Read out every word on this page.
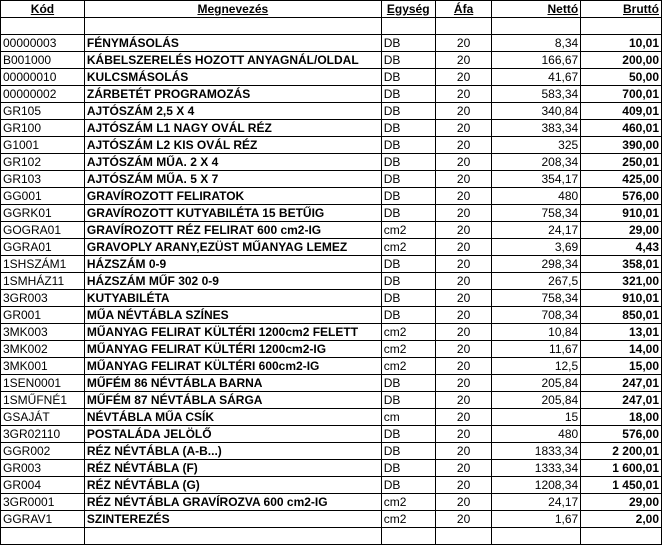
Kód	Megnevezés	Egység	Áfa	Nettó	Bruttó

00000003	FÉNYMÁSOLÁS	DB	20	8,34	10,01
B001000	KÁBELSZERELÉS HOZOTT ANYAGNÁL/OLDAL	DB	20	166,67	200,00
00000010	KULCSMÁSOLÁS	DB	20	41,67	50,00
00000002	ZÁRBETÉT PROGRAMOZÁS	DB	20	583,34	700,01
GR105	AJTÓSZÁM 2,5 X 4	DB	20	340,84	409,01
GR100	AJTÓSZÁM L1 NAGY OVÁL RÉZ	DB	20	383,34	460,01
G1001	AJTÓSZÁM L2 KIS OVÁL RÉZ	DB	20	325	390,00
GR102	AJTÓSZÁM MŰA. 2 X 4	DB	20	208,34	250,01
GR103	AJTÓSZÁM MŰA. 5 X 7	DB	20	354,17	425,00
GG001	GRAVÍROZOTT FELIRATOK	DB	20	480	576,00
GGRK01	GRAVÍROZOTT KUTYABILÉTA 15 BETŰIG	DB	20	758,34	910,01
GOGRA01	GRAVÍROZOTT RÉZ FELIRAT 600 cm2-IG	cm2	20	24,17	29,00
GGRA01	GRAVOPLY ARANY,EZÜST MŰANYAG LEMEZ	cm2	20	3,69	4,43
1SHSZÁM1	HÁZSZÁM 0-9	DB	20	298,34	358,01
1SMHÁZ11	HÁZSZÁM MŰF 302 0-9	DB	20	267,5	321,00
3GR003	KUTYABILÉTA	DB	20	758,34	910,01
GR001	MŰA NÉVTÁBLA SZÍNES	DB	20	708,34	850,01
3MK003	MŰANYAG FELIRAT KÜLTÉRI 1200cm2 FELETT	cm2	20	10,84	13,01
3MK002	MŰANYAG FELIRAT KÜLTÉRI 1200cm2-IG	cm2	20	11,67	14,00
3MK001	MŰANYAG FELIRAT KÜLTÉRI 600cm2-IG	cm2	20	12,5	15,00
1SEN0001	MŰFÉM 86 NÉVTÁBLA BARNA	DB	20	205,84	247,01
1SMŰFNÉ1	MŰFÉM 87 NÉVTÁBLA SÁRGA	DB	20	205,84	247,01
GSAJÁT	NÉVTÁBLA MŰA CSÍK	cm	20	15	18,00
3GR02110	POSTALÁDA JELÖLŐ	DB	20	480	576,00
GGR002	RÉZ NÉVTÁBLA (A-B...)	DB	20	1833,34	2 200,01
GR003	RÉZ NÉVTÁBLA (F)	DB	20	1333,34	1 600,01
GR004	RÉZ NÉVTÁBLA (G)	DB	20	1208,34	1 450,01
3GR0001	RÉZ NÉVTÁBLA GRAVÍROZVA 600 cm2-IG	cm2	20	24,17	29,00
GGRAV1	SZINTEREZÉS	cm2	20	1,67	2,00
